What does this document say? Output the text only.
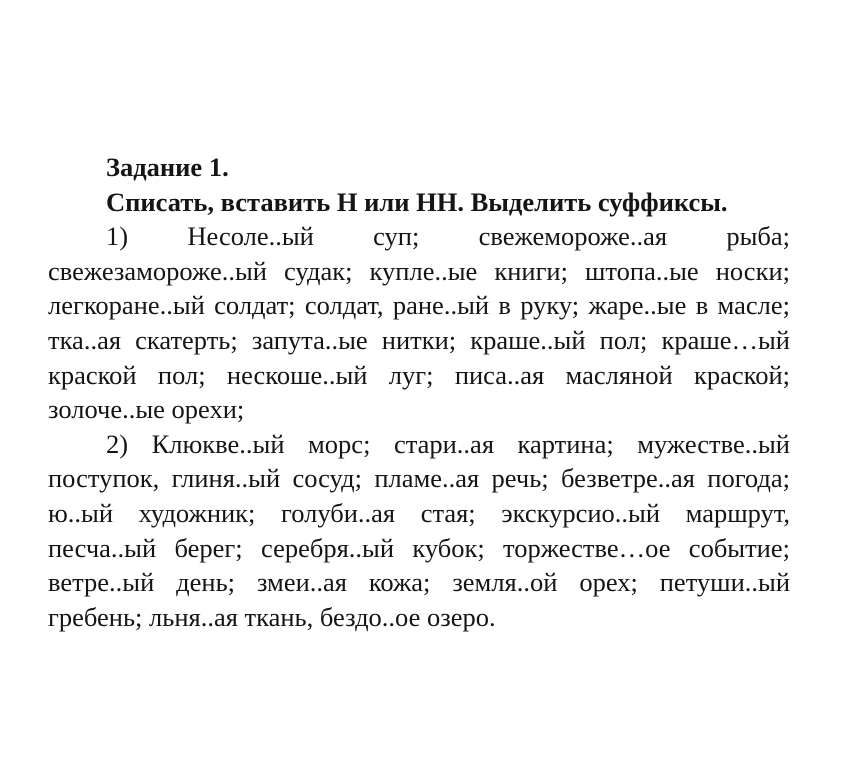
Задание 1.

Списать, вставить Н или НН. Выделить суффиксы.

1) Несоле..ый суп; свежемороже..ая рыба; свежезамороже..ый судак; купле..ые книги; штопа..ые носки; легкоране..ый солдат; солдат, ране..ый в руку; жаре..ые в масле; тка..ая скатерть; запута..ые нитки; краше..ый пол; краше…ый краской пол; нескоше..ый луг; писа..ая масляной краской; золоче..ые орехи;

2) Клюкве..ый морс; стари..ая картина; мужестве..ый поступок, глиня..ый сосуд; пламе..ая речь; безветре..ая погода; ю..ый художник; голуби..ая стая; экскурсио..ый маршрут, песча..ый берег; серебря..ый кубок; торжестве…ое событие; ветре..ый день; змеи..ая кожа; земля..ой орех; петуши..ый гребень; льня..ая ткань, бездо..ое озеро.
